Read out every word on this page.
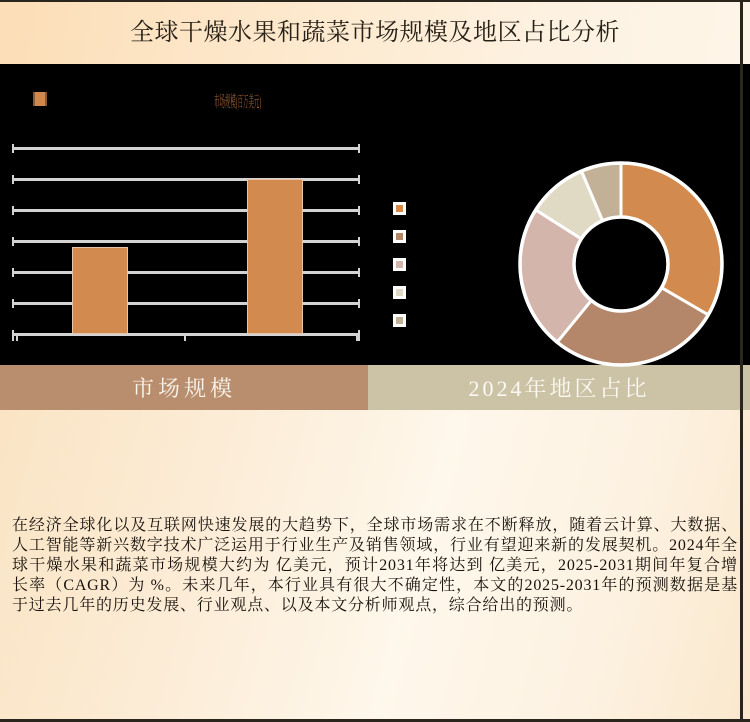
全球干燥水果和蔬菜市场规模及地区占比分析
市场规模(百万美元)
市场规模	2024年地区占比
在经济全球化以及互联网快速发展的大趋势下，全球市场需求在不断释放，随着云计算、大数据、人工智能等新兴数字技术广泛运用于行业生产及销售领域，行业有望迎来新的发展契机。2024年全球干燥水果和蔬菜市场规模大约为 亿美元，预计2031年将达到 亿美元，2025-2031期间年复合增长率（CAGR）为 %。未来几年，本行业具有很大不确定性，本文的2025-2031年的预测数据是基于过去几年的历史发展、行业观点、以及本文分析师观点，综合给出的预测。
